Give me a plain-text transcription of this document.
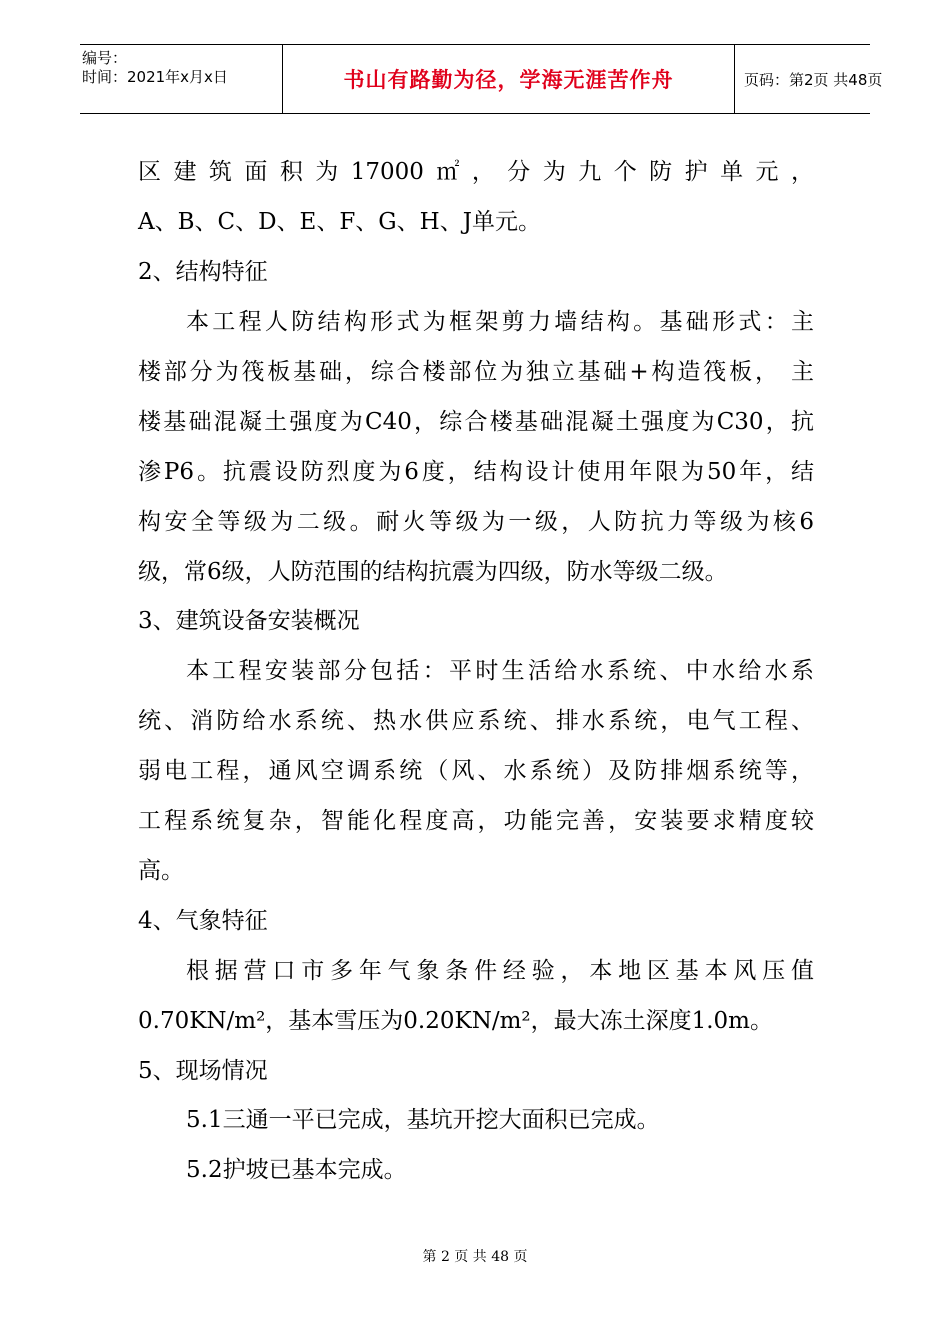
编号：
时间：2021年x月x日	书山有路勤为径，学海无涯苦作舟	页码：第2页 共48页
区建筑面积为17000㎡，分为九个防护单元，
A、B、C、D、E、F、G、H、J单元。
2、结构特征
本工程人防结构形式为框架剪力墙结构。基础形式：主
楼部分为筏板基础，综合楼部位为独立基础+构造筏板， 主
楼基础混凝土强度为C40，综合楼基础混凝土强度为C30，抗
渗P6。抗震设防烈度为6度，结构设计使用年限为50年，结
构安全等级为二级。耐火等级为一级，人防抗力等级为核6
级，常6级，人防范围的结构抗震为四级，防水等级二级。
3、建筑设备安装概况
本工程安装部分包括：平时生活给水系统、中水给水系
统、消防给水系统、热水供应系统、排水系统，电气工程、
弱电工程，通风空调系统（风、水系统）及防排烟系统等，
工程系统复杂，智能化程度高，功能完善，安装要求精度较
高。
4、气象特征
根据营口市多年气象条件经验，本地区基本风压值
0.70KN/m²，基本雪压为0.20KN/m²，最大冻土深度1.0m。
5、现场情况
5.1三通一平已完成，基坑开挖大面积已完成。
5.2护坡已基本完成。
第 2 页 共 48 页
